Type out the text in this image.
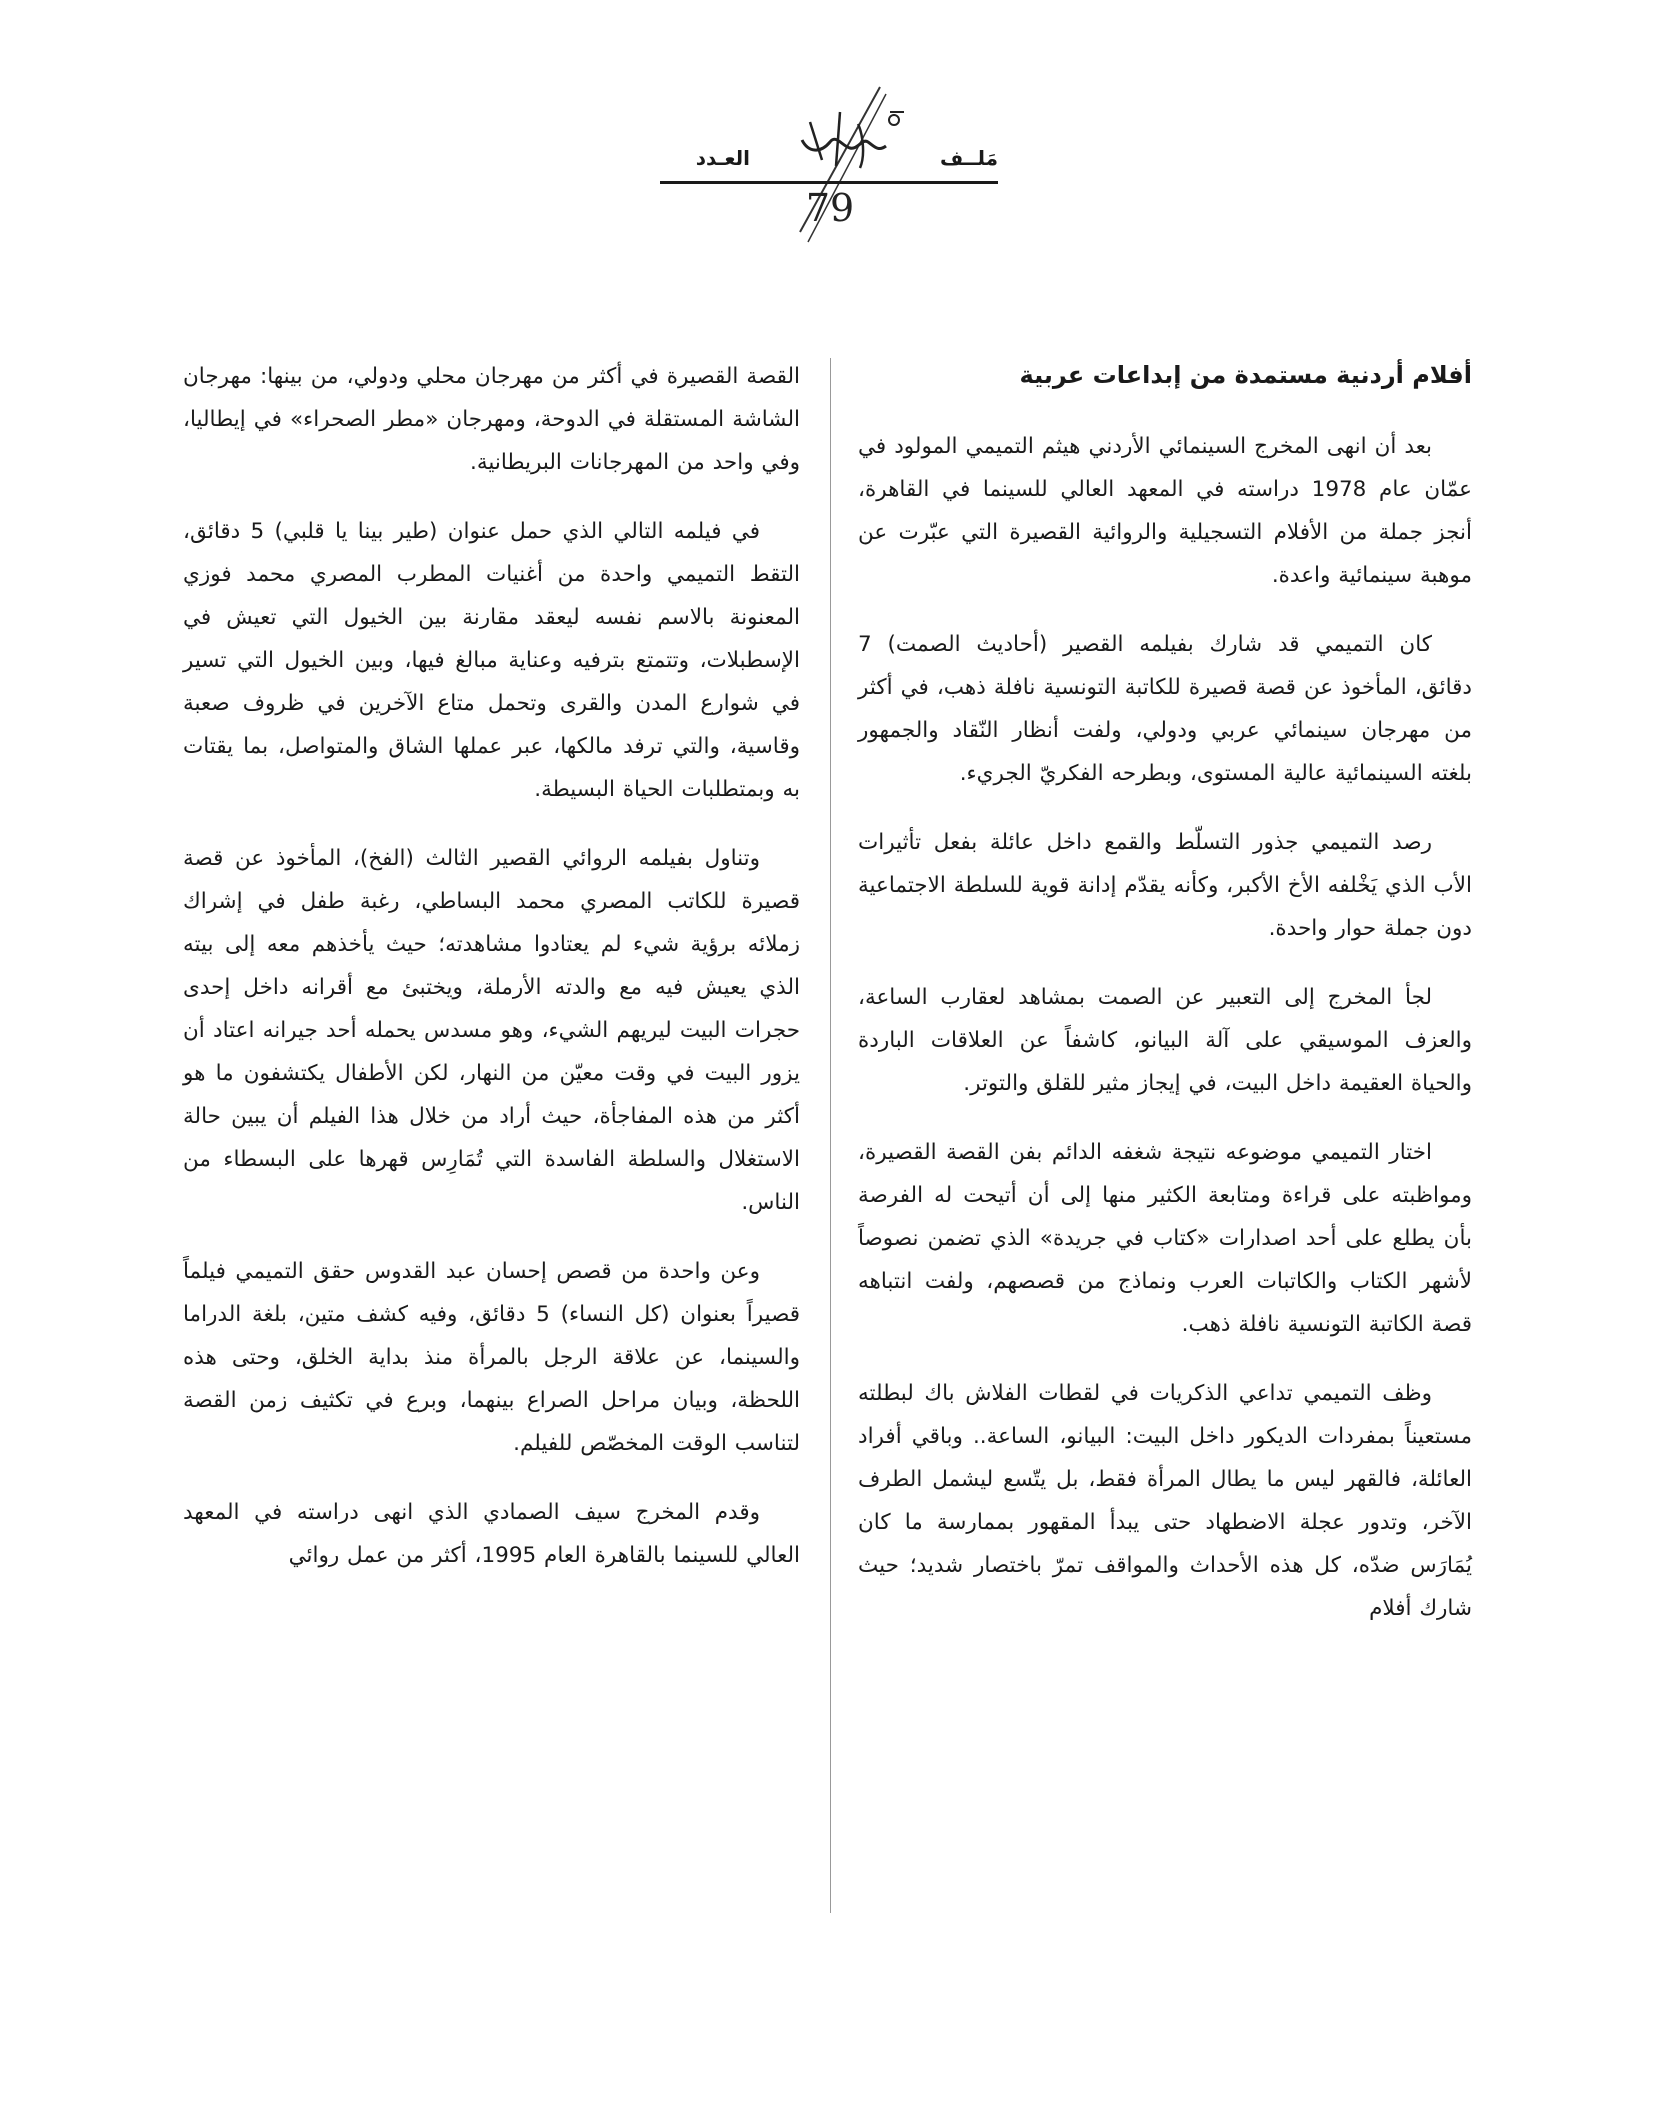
العـدد	مَلــف
79
أفلام أردنية مستمدة من إبداعات عربية

بعد أن انهى المخرج السينمائي الأردني هيثم التميمي المولود في عمّان عام 1978 دراسته في المعهد العالي للسينما في القاهرة، أنجز جملة من الأفلام التسجيلية والروائية القصيرة التي عبّرت عن موهبة سينمائية واعدة.

كان التميمي قد شارك بفيلمه القصير (أحاديث الصمت) 7 دقائق، المأخوذ عن قصة قصيرة للكاتبة التونسية نافلة ذهب، في أكثر من مهرجان سينمائي عربي ودولي، ولفت أنظار النّقاد والجمهور بلغته السينمائية عالية المستوى، وبطرحه الفكريّ الجريء.

رصد التميمي جذور التسلّط والقمع داخل عائلة بفعل تأثيرات الأب الذي يَخْلفه الأخ الأكبر، وكأنه يقدّم إدانة قوية للسلطة الاجتماعية دون جملة حوار واحدة.

لجأ المخرج إلى التعبير عن الصمت بمشاهد لعقارب الساعة، والعزف الموسيقي على آلة البيانو، كاشفاً عن العلاقات الباردة والحياة العقيمة داخل البيت، في إيجاز مثير للقلق والتوتر.

اختار التميمي موضوعه نتيجة شغفه الدائم بفن القصة القصيرة، ومواظبته على قراءة ومتابعة الكثير منها إلى أن أتيحت له الفرصة بأن يطلع على أحد اصدارات «كتاب في جريدة» الذي تضمن نصوصاً لأشهر الكتاب والكاتبات العرب ونماذج من قصصهم، ولفت انتباهه قصة الكاتبة التونسية نافلة ذهب.

وظف التميمي تداعي الذكريات في لقطات الفلاش باك لبطلته مستعيناً بمفردات الديكور داخل البيت: البيانو، الساعة.. وباقي أفراد العائلة، فالقهر ليس ما يطال المرأة فقط، بل يتّسع ليشمل الطرف الآخر، وتدور عجلة الاضطهاد حتى يبدأ المقهور بممارسة ما كان يُمَارَس ضدّه، كل هذه الأحداث والمواقف تمرّ باختصار شديد؛ حيث شارك أفلام

القصة القصيرة في أكثر من مهرجان محلي ودولي، من بينها: مهرجان الشاشة المستقلة في الدوحة، ومهرجان «مطر الصحراء» في إيطاليا، وفي واحد من المهرجانات البريطانية.

في فيلمه التالي الذي حمل عنوان (طير بينا يا قلبي) 5 دقائق، التقط التميمي واحدة من أغنيات المطرب المصري محمد فوزي المعنونة بالاسم نفسه ليعقد مقارنة بين الخيول التي تعيش في الإسطبلات، وتتمتع بترفيه وعناية مبالغ فيها، وبين الخيول التي تسير في شوارع المدن والقرى وتحمل متاع الآخرين في ظروف صعبة وقاسية، والتي ترفد مالكها، عبر عملها الشاق والمتواصل، بما يقتات به وبمتطلبات الحياة البسيطة.

وتناول بفيلمه الروائي القصير الثالث (الفخ)، المأخوذ عن قصة قصيرة للكاتب المصري محمد البساطي، رغبة طفل في إشراك زملائه برؤية شيء لم يعتادوا مشاهدته؛ حيث يأخذهم معه إلى بيته الذي يعيش فيه مع والدته الأرملة، ويختبئ مع أقرانه داخل إحدى حجرات البيت ليريهم الشيء، وهو مسدس يحمله أحد جيرانه اعتاد أن يزور البيت في وقت معيّن من النهار، لكن الأطفال يكتشفون ما هو أكثر من هذه المفاجأة، حيث أراد من خلال هذا الفيلم أن يبين حالة الاستغلال والسلطة الفاسدة التي تُمَارِس قهرها على البسطاء من الناس.

وعن واحدة من قصص إحسان عبد القدوس حقق التميمي فيلماً قصيراً بعنوان (كل النساء) 5 دقائق، وفيه كشف متين، بلغة الدراما والسينما، عن علاقة الرجل بالمرأة منذ بداية الخلق، وحتى هذه اللحظة، وبيان مراحل الصراع بينهما، وبرع في تكثيف زمن القصة لتناسب الوقت المخصّص للفيلم.

وقدم المخرج سيف الصمادي الذي انهى دراسته في المعهد العالي للسينما بالقاهرة العام 1995، أكثر من عمل روائي
